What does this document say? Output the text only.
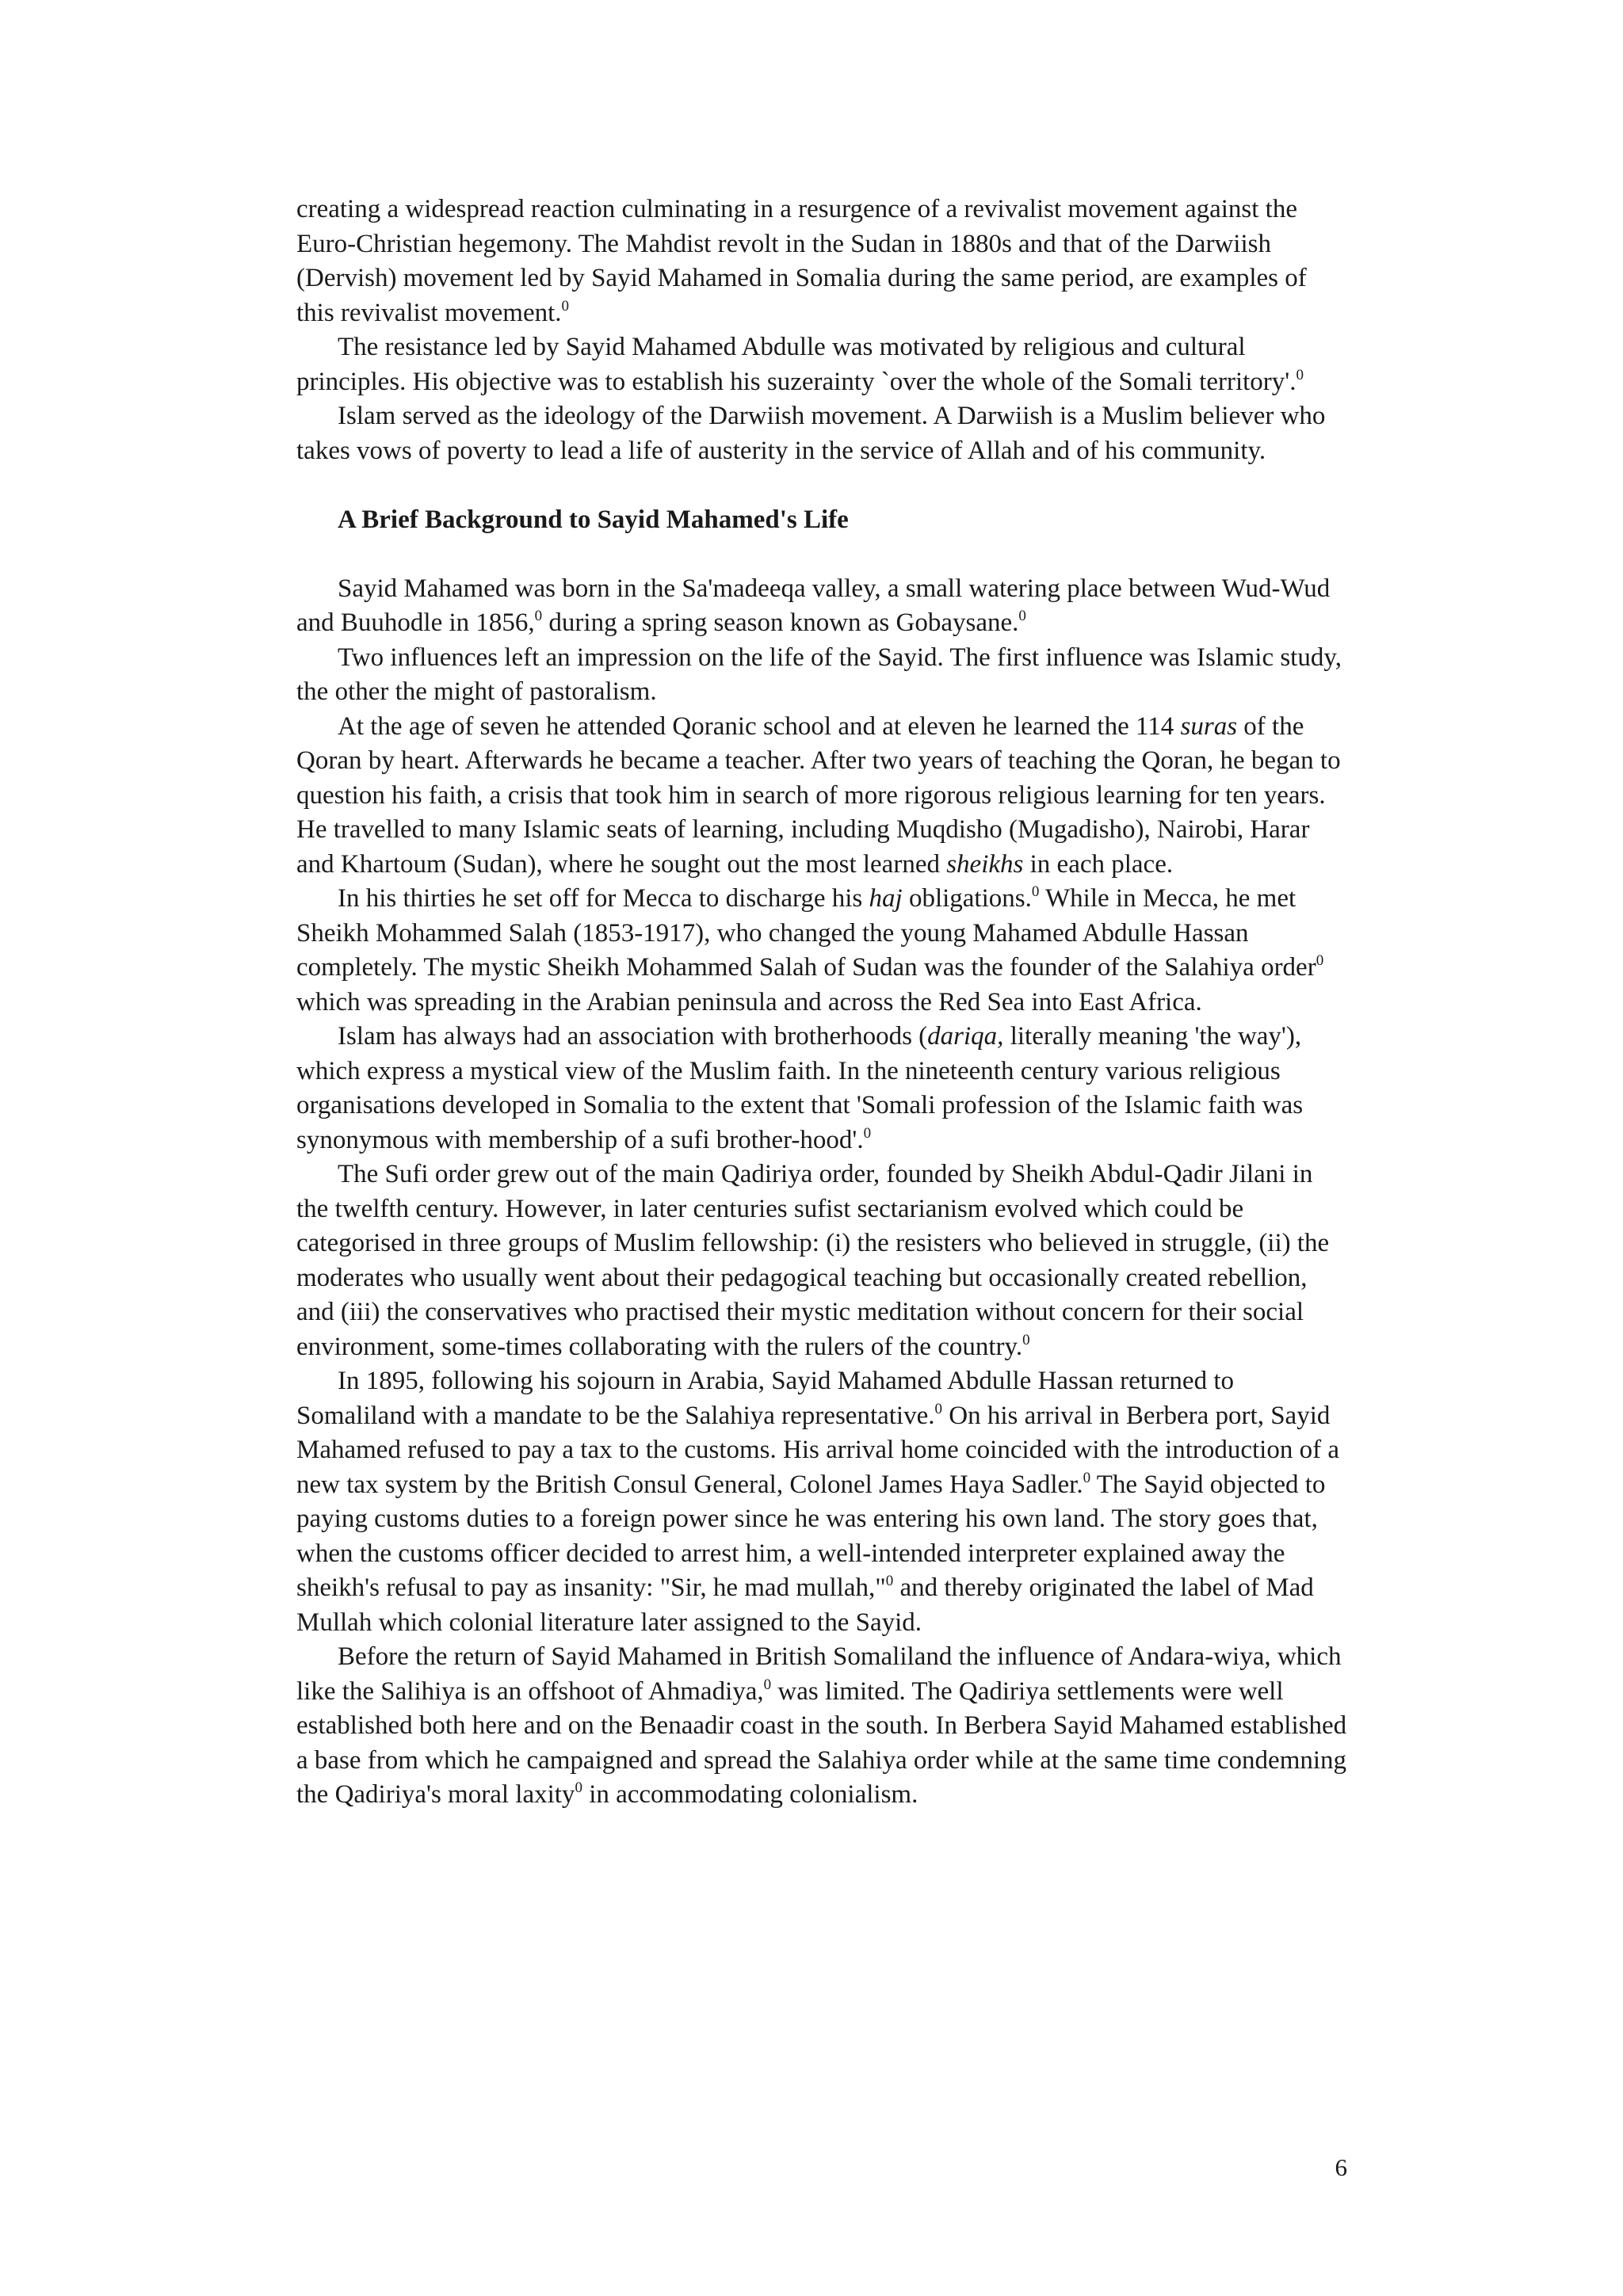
creating a widespread reaction culminating in a resurgence of a revivalist movement against the Euro-Christian hegemony. The Mahdist revolt in the Sudan in 1880s and that of the Darwiish (Dervish) movement led by Sayid Mahamed in Somalia during the same period, are examples of this revivalist movement.$^0$

The resistance led by Sayid Mahamed Abdulle was motivated by religious and cultural principles. His objective was to establish his suzerainty `over the whole of the Somali territory'.$^0$

Islam served as the ideology of the Darwiish movement. A Darwiish is a Muslim believer who takes vows of poverty to lead a life of austerity in the service of Allah and of his community.

A Brief Background to Sayid Mahamed's Life

Sayid Mahamed was born in the Sa'madeeqa valley, a small watering place between Wud-Wud and Buuhodle in 1856,$^0$ during a spring season known as Gobaysane.$^0$

Two influences left an impression on the life of the Sayid. The first influence was Islamic study, the other the might of pastoralism.

At the age of seven he attended Qoranic school and at eleven he learned the 114 suras of the Qoran by heart. Afterwards he became a teacher. After two years of teaching the Qoran, he began to question his faith, a crisis that took him in search of more rigorous religious learning for ten years. He travelled to many Islamic seats of learning, including Muqdisho (Mugadisho), Nairobi, Harar and Khartoum (Sudan), where he sought out the most learned sheikhs in each place.

In his thirties he set off for Mecca to discharge his haj obligations.$^0$ While in Mecca, he met Sheikh Mohammed Salah (1853-1917), who changed the young Mahamed Abdulle Hassan completely. The mystic Sheikh Mohammed Salah of Sudan was the founder of the Salahiya order$^0$ which was spreading in the Arabian peninsula and across the Red Sea into East Africa.

Islam has always had an association with brotherhoods (dariqa, literally meaning 'the way'), which express a mystical view of the Muslim faith. In the nineteenth century various religious organisations developed in Somalia to the extent that 'Somali profession of the Islamic faith was synonymous with membership of a sufi brother-hood'.$^0$

The Sufi order grew out of the main Qadiriya order, founded by Sheikh Abdul-Qadir Jilani in the twelfth century. However, in later centuries sufist sectarianism evolved which could be categorised in three groups of Muslim fellowship: (i) the resisters who believed in struggle, (ii) the moderates who usually went about their pedagogical teaching but occasionally created rebellion, and (iii) the conservatives who practised their mystic meditation without concern for their social environment, some-times collaborating with the rulers of the country.$^0$

In 1895, following his sojourn in Arabia, Sayid Mahamed Abdulle Hassan returned to Somaliland with a mandate to be the Salahiya representative.$^0$ On his arrival in Berbera port, Sayid Mahamed refused to pay a tax to the customs. His arrival home coincided with the introduction of a new tax system by the British Consul General, Colonel James Haya Sadler.$^0$ The Sayid objected to paying customs duties to a foreign power since he was entering his own land. The story goes that, when the customs officer decided to arrest him, a well-intended interpreter explained away the sheikh's refusal to pay as insanity: "Sir, he mad mullah,"$^0$ and thereby originated the label of Mad Mullah which colonial literature later assigned to the Sayid.

Before the return of Sayid Mahamed in British Somaliland the influence of Andara-wiya, which like the Salihiya is an offshoot of Ahmadiya,$^0$ was limited. The Qadiriya settlements were well established both here and on the Benaadir coast in the south. In Berbera Sayid Mahamed established a base from which he campaigned and spread the Salahiya order while at the same time condemning the Qadiriya's moral laxity$^0$ in accommodating colonialism.

6
